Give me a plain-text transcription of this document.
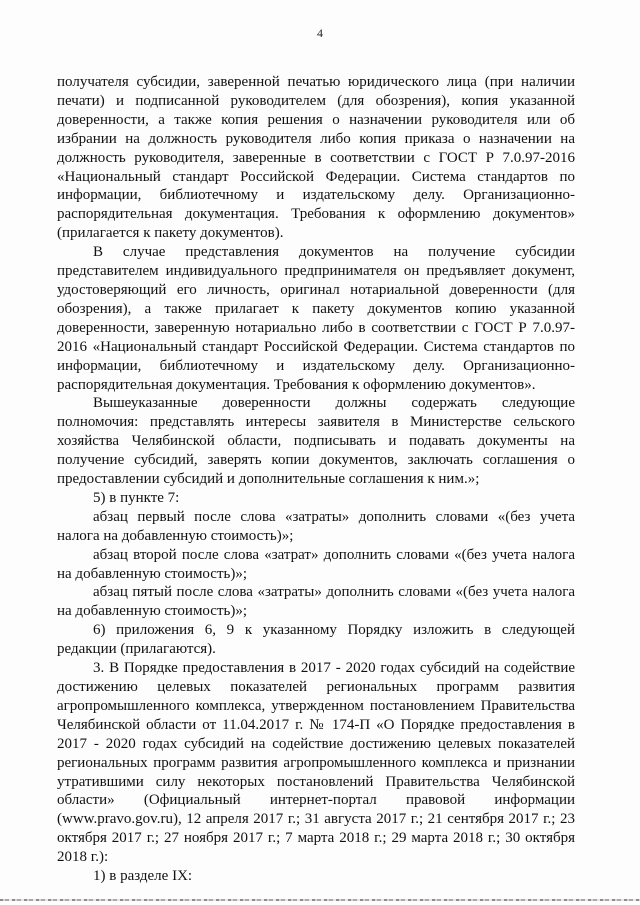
4

получателя субсидии, заверенной печатью юридического лица (при наличии печати) и подписанной руководителем (для обозрения), копия указанной доверенности, а также копия решения о назначении руководителя или об избрании на должность руководителя либо копия приказа о назначении на должность руководителя, заверенные в соответствии с ГОСТ Р 7.0.97-2016 «Национальный стандарт Российской Федерации. Система стандартов по информации, библиотечному и издательскому делу. Организационно-распорядительная документация. Требования к оформлению документов» (прилагается к пакету документов).

В случае представления документов на получение субсидии представителем индивидуального предпринимателя он предъявляет документ, удостоверяющий его личность, оригинал нотариальной доверенности (для обозрения), а также прилагает к пакету документов копию указанной доверенности, заверенную нотариально либо в соответствии с ГОСТ Р 7.0.97-2016 «Национальный стандарт Российской Федерации. Система стандартов по информации, библиотечному и издательскому делу. Организационно-распорядительная документация. Требования к оформлению документов».

Вышеуказанные доверенности должны содержать следующие полномочия: представлять интересы заявителя в Министерстве сельского хозяйства Челябинской области, подписывать и подавать документы на получение субсидий, заверять копии документов, заключать соглашения о предоставлении субсидий и дополнительные соглашения к ним.»;

5) в пункте 7:

абзац первый после слова «затраты» дополнить словами «(без учета налога на добавленную стоимость)»;

абзац второй после слова «затрат» дополнить словами «(без учета налога на добавленную стоимость)»;

абзац пятый после слова «затраты» дополнить словами «(без учета налога на добавленную стоимость)»;

6) приложения 6, 9 к указанному Порядку изложить в следующей редакции (прилагаются).

3. В Порядке предоставления в 2017 - 2020 годах субсидий на содействие достижению целевых показателей региональных программ развития агропромышленного комплекса, утвержденном постановлением Правительства Челябинской области от 11.04.2017 г. № 174-П «О Порядке предоставления в 2017 - 2020 годах субсидий на содействие достижению целевых показателей региональных программ развития агропромышленного комплекса и признании утратившими силу некоторых постановлений Правительства Челябинской области» (Официальный интернет-портал правовой информации (www.pravo.gov.ru), 12 апреля 2017 г.; 31 августа 2017 г.; 21 сентября 2017 г.; 23 октября 2017 г.; 27 ноября 2017 г.; 7 марта 2018 г.; 29 марта 2018 г.; 30 октября 2018 г.):

1) в разделе IX:
